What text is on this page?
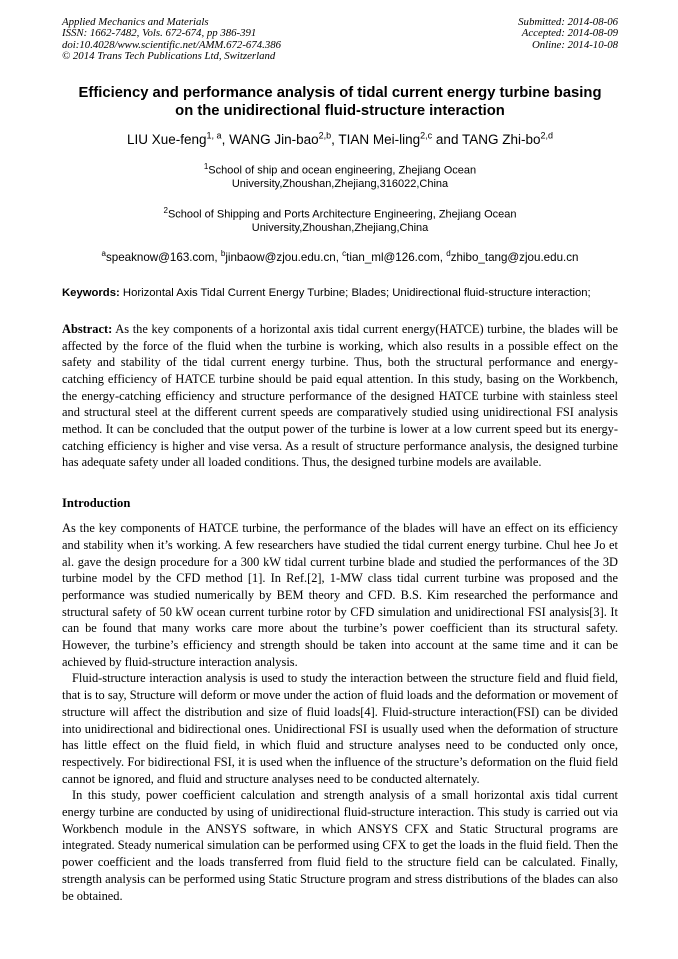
Applied Mechanics and Materials
ISSN: 1662-7482, Vols. 672-674, pp 386-391
doi:10.4028/www.scientific.net/AMM.672-674.386
© 2014 Trans Tech Publications Ltd, Switzerland
Submitted: 2014-08-06
Accepted: 2014-08-09
Online: 2014-10-08
Efficiency and performance analysis of tidal current energy turbine basing on the unidirectional fluid-structure interaction
LIU Xue-feng$^{1, a}$, WANG Jin-bao$^{2,b}$, TIAN Mei-ling$^{2,c}$ and TANG Zhi-bo$^{2,d}$
$^1$School of ship and ocean engineering, Zhejiang Ocean
University,Zhoushan,Zhejiang,316022,China
$^2$School of Shipping and Ports Architecture Engineering, Zhejiang Ocean
University,Zhoushan,Zhejiang,China
$^a$speaknow@163.com, $^b$jinbaow@zjou.edu.cn, $^c$tian_ml@126.com, $^d$zhibo_tang@zjou.edu.cn

Keywords: Horizontal Axis Tidal Current Energy Turbine; Blades; Unidirectional fluid-structure interaction;

Abstract: As the key components of a horizontal axis tidal current energy(HATCE) turbine, the blades will be affected by the force of the fluid when the turbine is working, which also results in a possible effect on the safety and stability of the tidal current energy turbine. Thus, both the structural performance and energy-catching efficiency of HATCE turbine should be paid equal attention. In this study, basing on the Workbench, the energy-catching efficiency and structure performance of the designed HATCE turbine with stainless steel and structural steel at the different current speeds are comparatively studied using unidirectional FSI analysis method. It can be concluded that the output power of the turbine is lower at a low current speed but its energy-catching efficiency is higher and vise versa. As a result of structure performance analysis, the designed turbine has adequate safety under all loaded conditions. Thus, the designed turbine models are available.

Introduction

As the key components of HATCE turbine, the performance of the blades will have an effect on its efficiency and stability when it’s working. A few researchers have studied the tidal current energy turbine. Chul hee Jo et al. gave the design procedure for a 300 kW tidal current turbine blade and studied the performances of the 3D turbine model by the CFD method [1]. In Ref.[2], 1-MW class tidal current turbine was proposed and the performance was studied numerically by BEM theory and CFD. B.S. Kim researched the performance and structural safety of 50 kW ocean current turbine rotor by CFD simulation and unidirectional FSI analysis[3]. It can be found that many works care more about the turbine’s power coefficient than its structural safety. However, the turbine’s efficiency and strength should be taken into account at the same time and it can be achieved by fluid-structure interaction analysis.

Fluid-structure interaction analysis is used to study the interaction between the structure field and fluid field, that is to say, Structure will deform or move under the action of fluid loads and the deformation or movement of structure will affect the distribution and size of fluid loads[4]. Fluid-structure interaction(FSI) can be divided into unidirectional and bidirectional ones. Unidirectional FSI is usually used when the deformation of structure has little effect on the fluid field, in which fluid and structure analyses need to be conducted only once, respectively. For bidirectional FSI, it is used when the influence of the structure’s deformation on the fluid field cannot be ignored, and fluid and structure analyses need to be conducted alternately.

In this study, power coefficient calculation and strength analysis of a small horizontal axis tidal current energy turbine are conducted by using of unidirectional fluid-structure interaction. This study is carried out via Workbench module in the ANSYS software, in which ANSYS CFX and Static Structural programs are integrated. Steady numerical simulation can be performed using CFX to get the loads in the fluid field. Then the power coefficient and the loads transferred from fluid field to the structure field can be calculated. Finally, strength analysis can be performed using Static Structure program and stress distributions of the blades can also be obtained.
